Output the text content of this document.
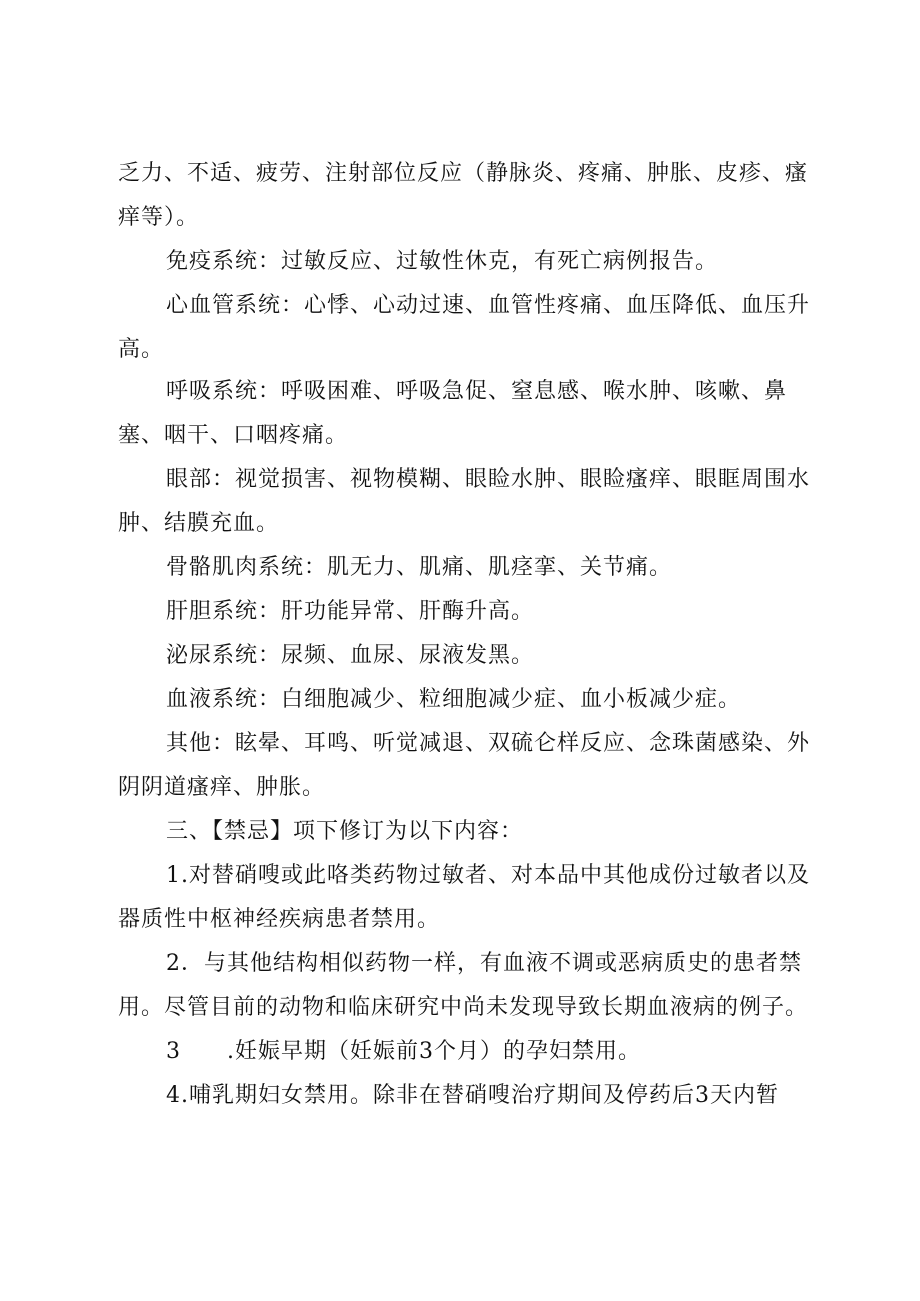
乏力、不适、疲劳、注射部位反应（静脉炎、疼痛、肿胀、皮疹、瘙痒等）。

免疫系统：过敏反应、过敏性休克，有死亡病例报告。

心血管系统：心悸、心动过速、血管性疼痛、血压降低、血压升高。

呼吸系统：呼吸困难、呼吸急促、窒息感、喉水肿、咳嗽、鼻塞、咽干、口咽疼痛。

眼部：视觉损害、视物模糊、眼睑水肿、眼睑瘙痒、眼眶周围水肿、结膜充血。

骨骼肌肉系统：肌无力、肌痛、肌痉挛、关节痛。

肝胆系统：肝功能异常、肝酶升高。

泌尿系统：尿频、血尿、尿液发黑。

血液系统：白细胞减少、粒细胞减少症、血小板减少症。

其他：眩晕、耳鸣、听觉减退、双硫仑样反应、念珠菌感染、外阴阴道瘙痒、肿胀。

三、【禁忌】项下修订为以下内容：

1.对替硝嗖或此咯类药物过敏者、对本品中其他成份过敏者以及器质性中枢神经疾病患者禁用。

2．与其他结构相似药物一样，有血液不调或恶病质史的患者禁用。尽管目前的动物和临床研究中尚未发现导致长期血液病的例子。

3　　.妊娠早期（妊娠前3个月）的孕妇禁用。

4.哺乳期妇女禁用。除非在替硝嗖治疗期间及停药后3天内暂
